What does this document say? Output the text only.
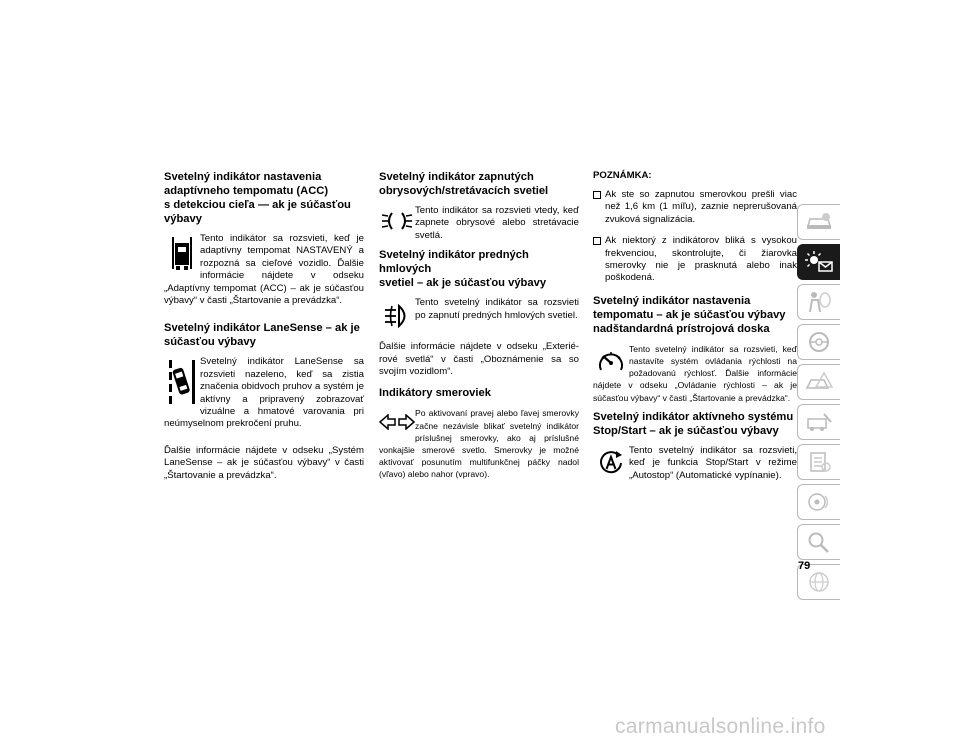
Svetelný indikátor nastavenia
adaptívneho tempomatu (ACC)
s detekciou cieľa — ak je súčasťou
výbavy

Tento indikátor sa rozsvieti, keď je adaptívny tempomat NASTAVENÝ a rozpozná sa cieľové vozidlo. Ďalšie informácie nájdete v odseku „Adaptívny tempomat (ACC) – ak je súčasťou výbavy“ v časti „Štartovanie a prevádzka“.

Svetelný indikátor LaneSense – ak je
súčasťou výbavy

Svetelný indikátor LaneSense sa rozsvieti nazeleno, keď sa zistia značenia obidvoch pruhov a systém je aktívny a pripravený zobrazovať vizuálne a hmatové varovania pri neúmyselnom prekročení pruhu.

Ďalšie informácie nájdete v odseku „Systém LaneSense – ak je súčasťou výbavy“ v časti „Štartovanie a prevádzka“.

Svetelný indikátor zapnutých
obrysových/stretávacích svetiel
Tento indikátor sa rozsvieti vtedy, keď zapnete obrysové alebo stretávacie svetlá.
Svetelný indikátor predných hmlových
svetiel – ak je súčasťou výbavy
Tento svetelný indikátor sa rozsvieti po zapnutí predných hmlových svetiel.

Ďalšie informácie nájdete v odseku „Exteriérové svetlá“ v časti „Oboznámenie sa so svojím vozidlom“.

Indikátory smeroviek
Po aktivovaní pravej alebo ľavej smerovky začne nezávisle blikať svetelný indikátor príslušnej smerovky, ako aj príslušné vonkajšie smerové svetlo. Smerovky je možné aktivovať posunutím multifunkčnej páčky nadol (vľavo) alebo nahor (vpravo).
POZNÁMKA:
Ak ste so zapnutou smerovkou prešli viac než 1,6 km (1 míľu), zaznie neprerušovaná zvuková signalizácia.
Ak niektorý z indikátorov bliká s vysokou frekvenciou, skontrolujte, či žiarovka smerovky nie je prasknutá alebo inak poškodená.
Svetelný indikátor nastavenia
tempomatu – ak je súčasťou výbavy
nadštandardná prístrojová doska
Tento svetelný indikátor sa rozsvieti, keď nastavíte systém ovládania rýchlosti na požadovanú rýchlosť. Ďalšie informácie nájdete v odseku „Ovládanie rýchlosti – ak je súčasťou výbavy“ v časti „Štartovanie a prevádzka“.
Svetelný indikátor aktívneho systému
Stop/Start – ak je súčasťou výbavy
Tento svetelný indikátor sa rozsvieti, keď je funkcia Stop/Start v režime „Autostop“ (Automatické vypínanie).
79
carmanualsonline.info
